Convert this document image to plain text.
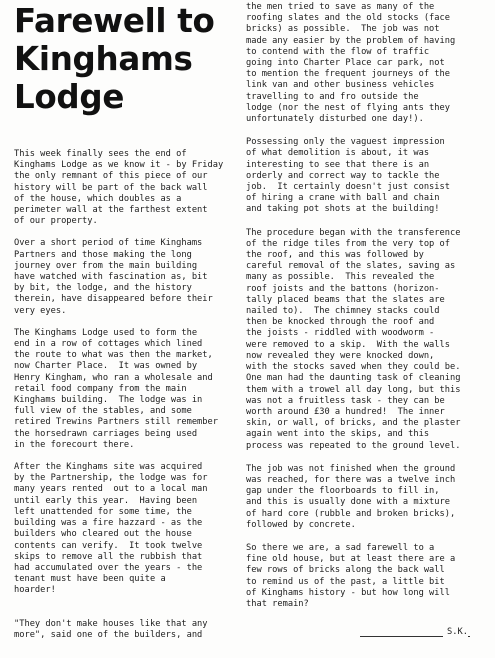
Farewell to
Kinghams
Lodge

This week finally sees the end of
Kinghams Lodge as we know it - by Friday
the only remnant of this piece of our
history will be part of the back wall
of the house, which doubles as a
perimeter wall at the farthest extent
of our property.

Over a short period of time Kinghams
Partners and those making the long
journey over from the main building
have watched with fascination as, bit
by bit, the lodge, and the history
therein, have disappeared before their
very eyes.

The Kinghams Lodge used to form the
end in a row of cottages which lined
the route to what was then the market,
now Charter Place.  It was owned by
Henry Kingham, who ran a wholesale and
retail food company from the main
Kinghams building.  The lodge was in
full view of the stables, and some
retired Trewins Partners still remember
the horsedrawn carriages being used
in the forecourt there.

After the Kinghams site was acquired
by the Partnership, the lodge was for
many years rented  out to a local man
until early this year.  Having been
left unattended for some time, the
building was a fire hazzard - as the
builders who cleared out the house
contents can verify.  It took twelve
skips to remove all the rubbish that
had accumulated over the years - the
tenant must have been quite a
hoarder!

"They don't make houses like that any
more", said one of the builders, and

the men tried to save as many of the
roofing slates and the old stocks (face
bricks) as possible.  The job was not
made any easier by the problem of having
to contend with the flow of traffic
going into Charter Place car park, not
to mention the frequent journeys of the
link van and other business vehicles
travelling to and fro outside the
lodge (nor the nest of flying ants they
unfortunately disturbed one day!).

Possessing only the vaguest impression
of what demolition is about, it was
interesting to see that there is an
orderly and correct way to tackle the
job.  It certainly doesn't just consist
of hiring a crane with ball and chain
and taking pot shots at the building!

The procedure began with the transference
of the ridge tiles from the very top of
the roof, and this was followed by
careful removal of the slates, saving as
many as possible.  This revealed the
roof joists and the battons (horizon-
tally placed beams that the slates are
nailed to).  The chimney stacks could
then be knocked through the roof and
the joists - riddled with woodworm -
were removed to a skip.  With the walls
now revealed they were knocked down,
with the stocks saved when they could be.
One man had the daunting task of cleaning
them with a trowel all day long, but this
was not a fruitless task - they can be
worth around £30 a hundred!  The inner
skin, or wall, of bricks, and the plaster
again went into the skips, and this
process was repeated to the ground level.

The job was not finished when the ground
was reached, for there was a twelve inch
gap under the floorboards to fill in,
and this is usually done with a mixture
of hard core (rubble and broken bricks),
followed by concrete.

So there we are, a sad farewell to a
fine old house, but at least there are a
few rows of bricks along the back wall
to remind us of the past, a little bit
of Kinghams history - but how long will
that remain?

S.K.
